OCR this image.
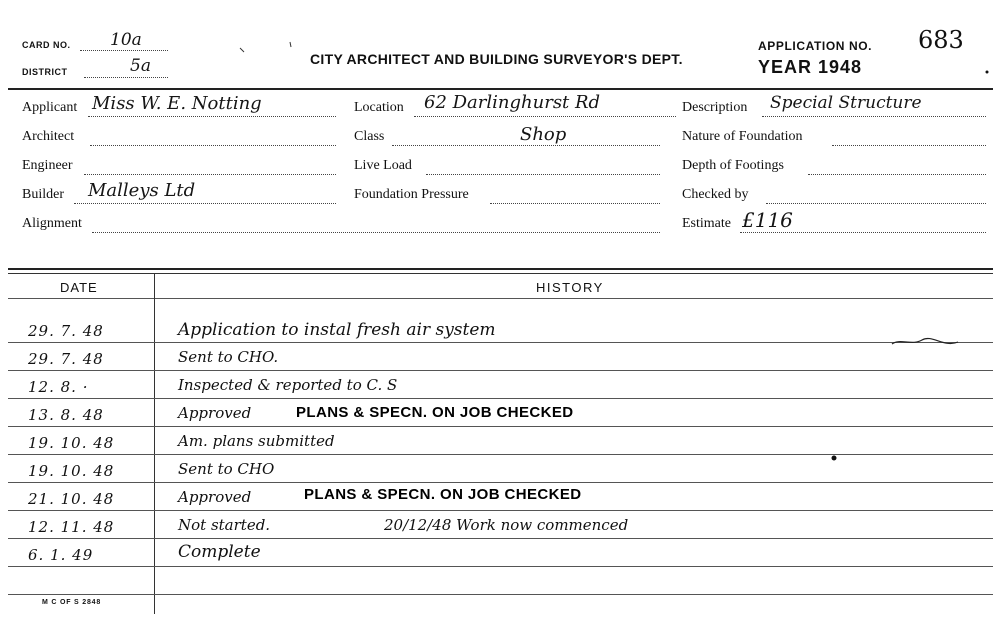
CARD NO. 10a
DISTRICT	5a	CITY ARCHITECT AND BUILDING SURVEYOR'S DEPT.
APPLICATION NO. 683
YEAR 1948
Applicant Miss W. E. Notting
Architect
Engineer
Builder Malleys Ltd
Alignment
Location 62 Darlinghurst Rd
Class	Shop
Live Load
Foundation Pressure
Description Special Structure
Nature of Foundation
Depth of Footings
Checked by
Estimate £116
DATE	HISTORY
29. 7. 48	Application to instal fresh air system
29. 7. 48	Sent to CHO.
12. 8. ·	Inspected & reported to C. S
13. 8. 48	Approved	PLANS & SPECN. ON JOB CHECKED
19. 10. 48	Am. plans submitted
19. 10. 48	Sent to CHO
21. 10. 48	Approved	PLANS & SPECN. ON JOB CHECKED
12. 11. 48	Not started.	20/12/48 Work now commenced
6. 1. 49	Complete
M C OF S 2848
